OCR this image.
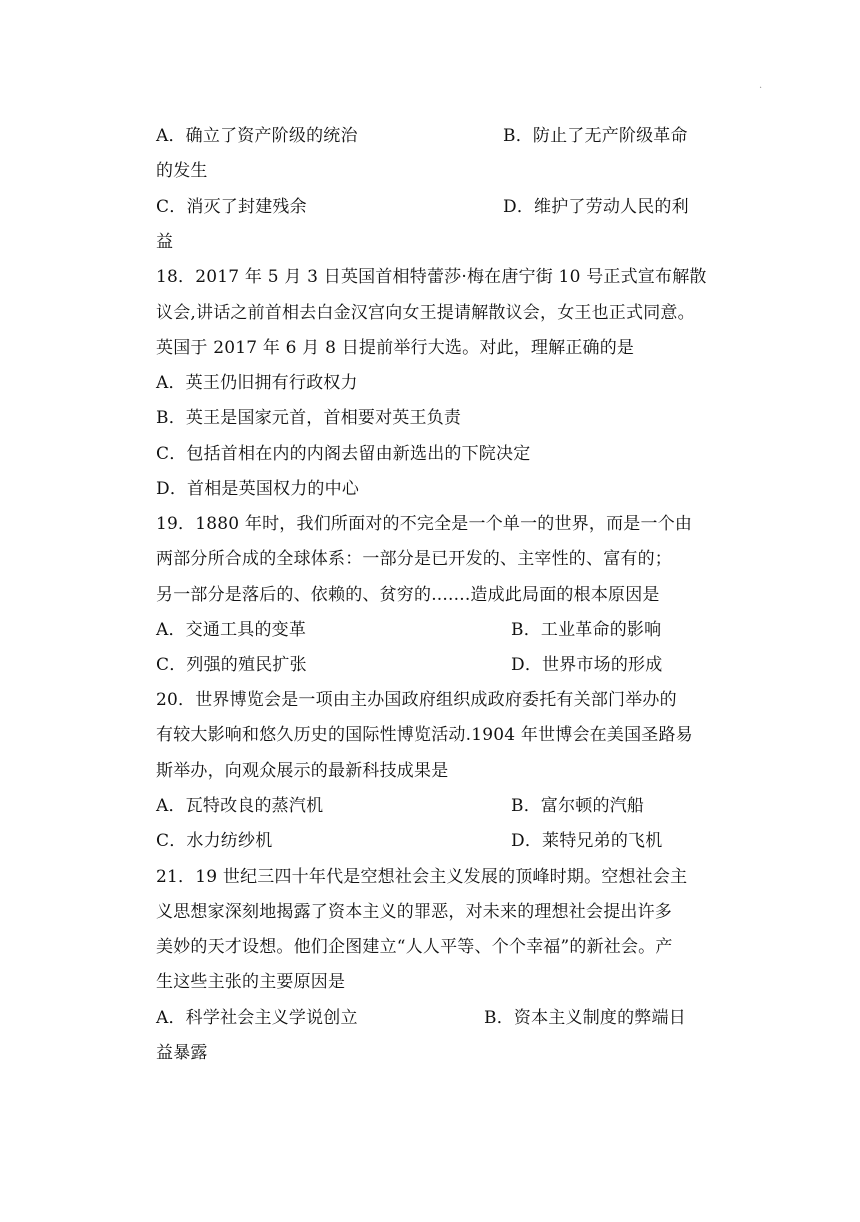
.
A．确立了资产阶级的统治	B．防止了无产阶级革命
的发生
C．消灭了封建残余	D．维护了劳动人民的利
益
18．2017 年 5 月 3 日英国首相特蕾莎·梅在唐宁街 10 号正式宣布解散
议会,讲话之前首相去白金汉宫向女王提请解散议会，女王也正式同意。
英国于 2017 年 6 月 8 日提前举行大选。对此，理解正确的是
A．英王仍旧拥有行政权力
B．英王是国家元首，首相要对英王负责
C．包括首相在内的内阁去留由新选出的下院决定
D．首相是英国权力的中心
19．1880 年时，我们所面对的不完全是一个单一的世界，而是一个由
两部分所合成的全球体系：一部分是已开发的、主宰性的、富有的；
另一部分是落后的、依赖的、贫穷的.......造成此局面的根本原因是
A．交通工具的变革	B．工业革命的影响
C．列强的殖民扩张	D．世界市场的形成
20．世界博览会是一项由主办国政府组织成政府委托有关部门举办的
有较大影响和悠久历史的国际性博览活动.1904 年世博会在美国圣路易
斯举办，向观众展示的最新科技成果是
A．瓦特改良的蒸汽机	B．富尔顿的汽船
C．水力纺纱机	D．莱特兄弟的飞机
21．19 世纪三四十年代是空想社会主义发展的顶峰时期。空想社会主
义思想家深刻地揭露了资本主义的罪恶，对未来的理想社会提出许多
美妙的天才设想。他们企图建立“人人平等、个个幸福”的新社会。产
生这些主张的主要原因是
A．科学社会主义学说创立	B．资本主义制度的弊端日
益暴露
